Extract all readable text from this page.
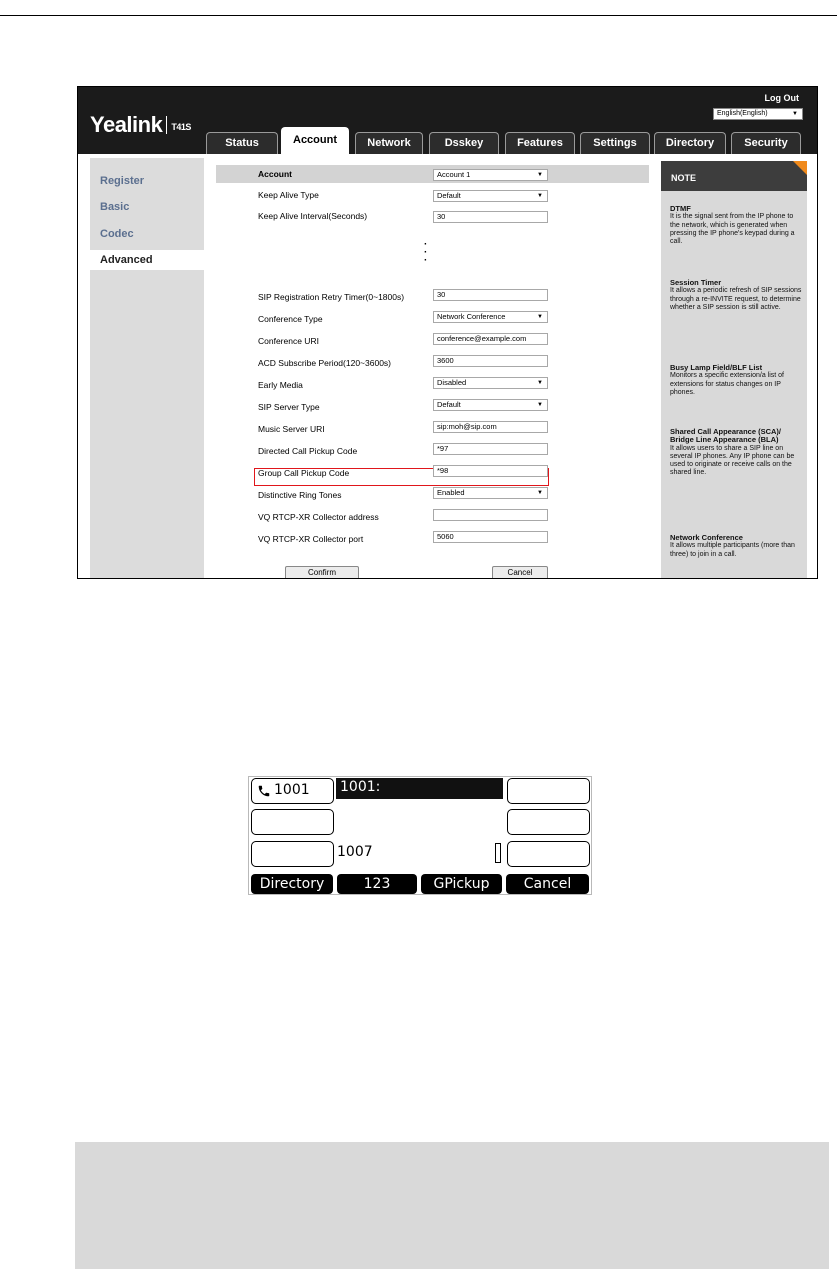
Yealink T41S
Log Out
English(English)	▼
Status	Account	Network	Dsskey	Features	Settings	Directory	Security
Register
Basic
Codec
Advanced
Account	Account 1	▼
Keep Alive Type	Default	▼
Keep Alive Interval(Seconds)	30
·
·
·
SIP Registration Retry Timer(0~1800s)	30
Conference Type	Network Conference	▼
Conference URI	conference@example.com
ACD Subscribe Period(120~3600s)	3600
Early Media	Disabled	▼
SIP Server Type	Default	▼
Music Server URI	sip:moh@sip.com
Directed Call Pickup Code	*97
Group Call Pickup Code	*98
Distinctive Ring Tones	Enabled	▼
VQ RTCP-XR Collector address
VQ RTCP-XR Collector port	5060
Confirm	Cancel
NOTE
DTMF
It is the signal sent from the IP phone to the network, which is generated when pressing the IP phone's keypad during a call.
Session Timer
It allows a periodic refresh of SIP sessions through a re-INVITE request, to determine whether a SIP session is still active.
Busy Lamp Field/BLF List
Monitors a specific extension/a list of extensions for status changes on IP phones.
Shared Call Appearance (SCA)/ Bridge Line Appearance (BLA)
It allows users to share a SIP line on several IP phones. Any IP phone can be used to originate or receive calls on the shared line.
Network Conference
It allows multiple participants (more than three) to join in a call.
1001 1001:
1007
Directory	123	GPickup	Cancel
